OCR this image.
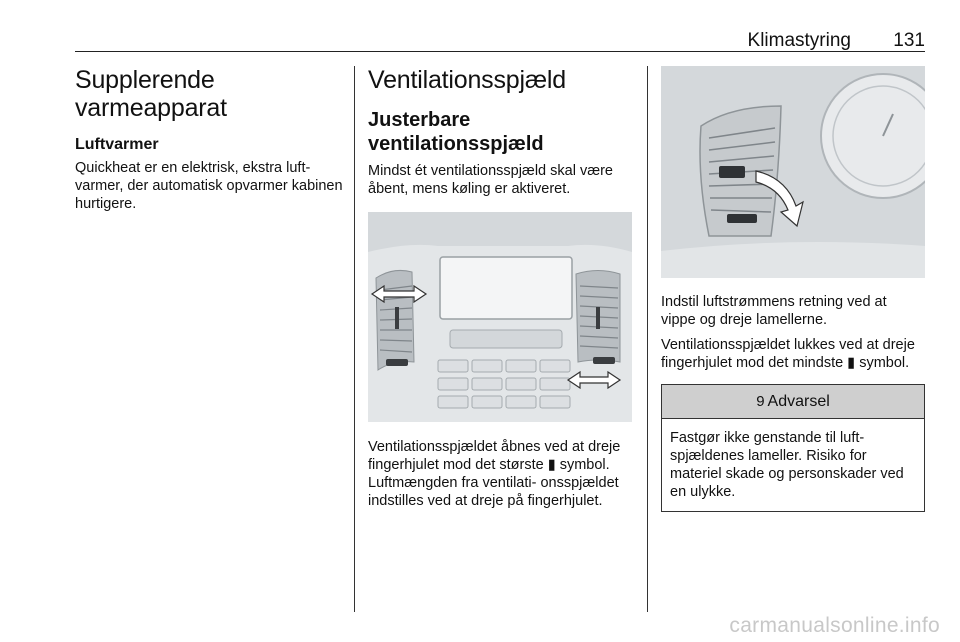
Klimastyring 131
Supplerende varmeapparat
Luftvarmer

Quickheat er en elektrisk, ekstra luft- varmer, der automatisk opvarmer kabinen hurtigere.

Ventilationsspjæld
Justerbare ventilationsspjæld

Mindst ét ventilationsspjæld skal være åbent, mens køling er aktiveret.

Ventilationsspjældet åbnes ved at dreje fingerhjulet mod det største ▮ symbol. Luftmængden fra ventilati- onsspjældet indstilles ved at dreje på fingerhjulet.

Indstil luftstrømmens retning ved at vippe og dreje lamellerne.

Ventilationsspjældet lukkes ved at dreje fingerhjulet mod det mindste ▮ symbol.

9 Advarsel
Fastgør ikke genstande til luft- spjældenes lameller. Risiko for materiel skade og personskader ved en ulykke.
carmanualsonline.info
